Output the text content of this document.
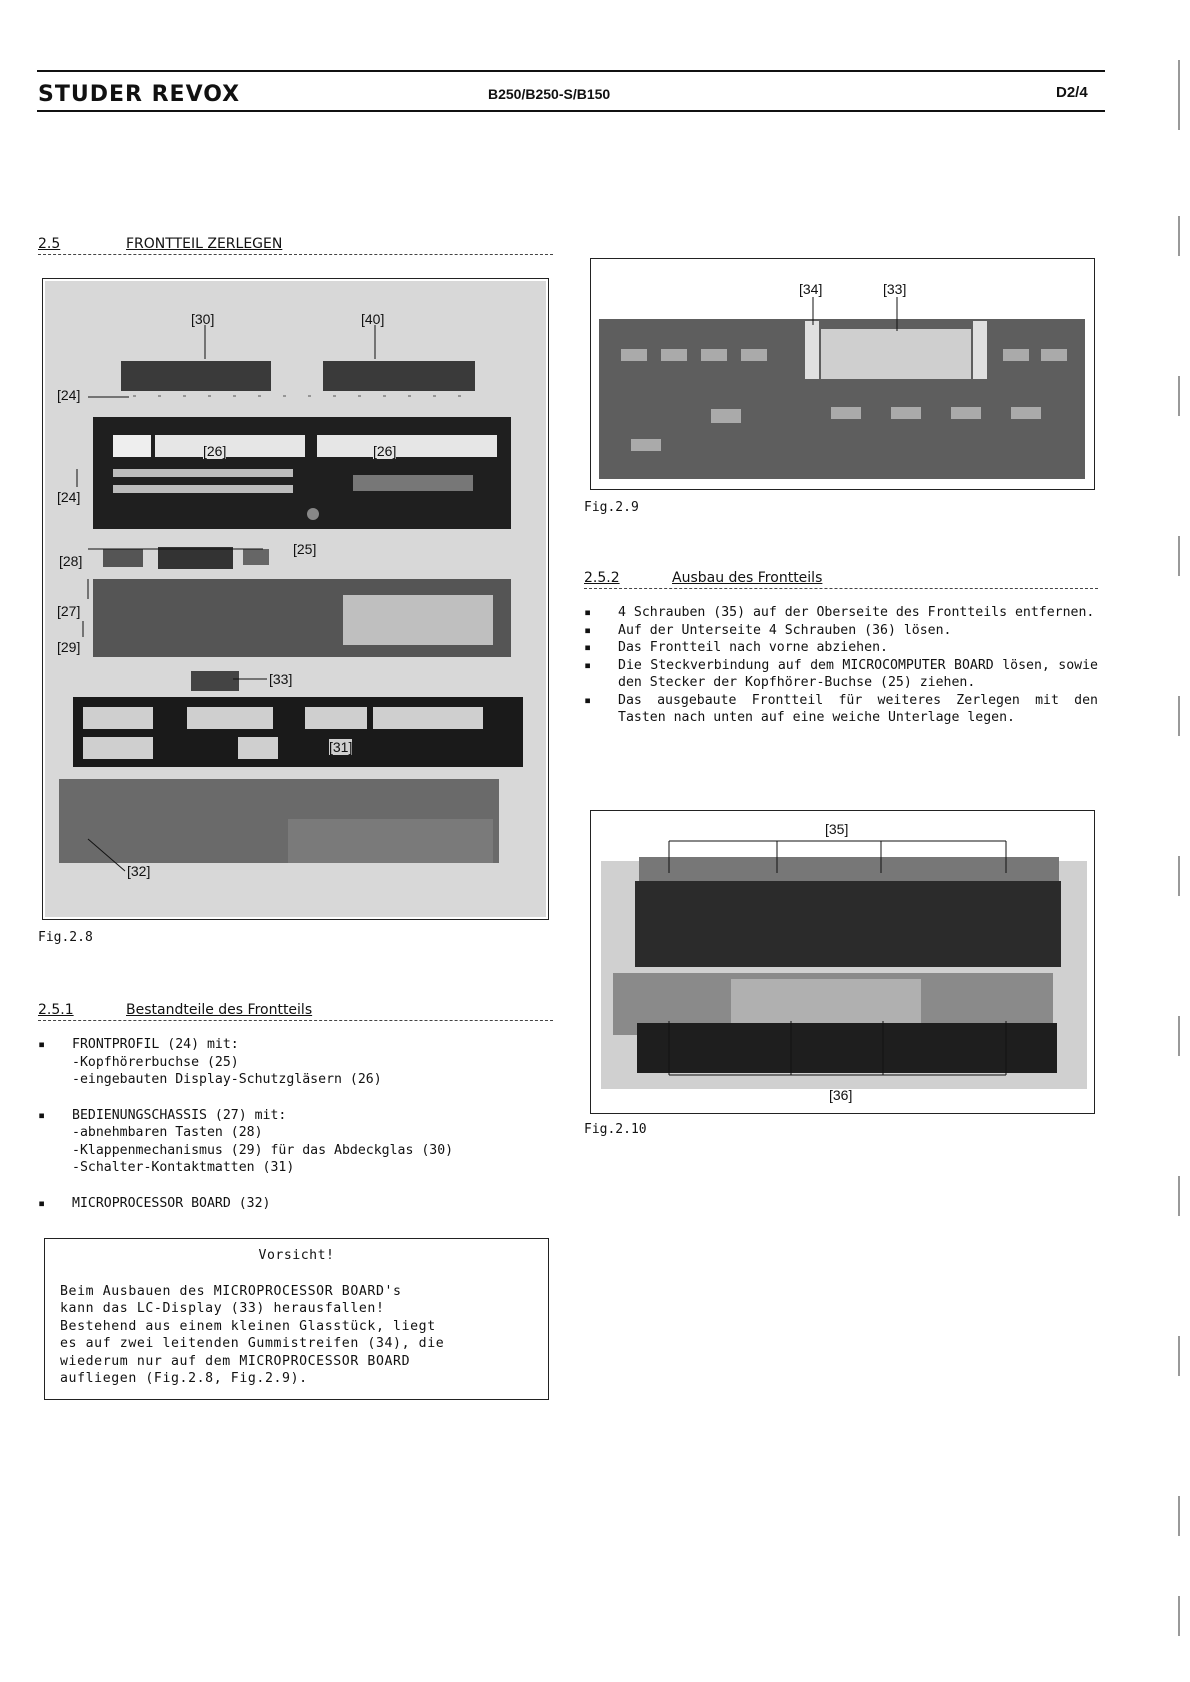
STUDER REVOX	B250/B250-S/B150	D2/4
2.5	FRONTTEIL ZERLEGEN
[30]	[40]
[24]
[26]	[26]
[24]
[25]
[28]
[27]
[29]
[33]
[31]
[32]
Fig.2.8
2.5.1	Bestandteile des Frontteils
▪ FRONTPROFIL (24) mit:
-Kopfhörerbuchse (25)
-eingebauten Display-Schutzgläsern (26)
▪ BEDIENUNGSCHASSIS (27) mit:
-abnehmbaren Tasten (28)
-Klappenmechanismus (29) für das Abdeckglas (30)
-Schalter-Kontaktmatten (31)
▪ MICROPROCESSOR BOARD (32)
Vorsicht!
Beim Ausbauen des MICROPROCESSOR BOARD's
kann das LC-Display (33) herausfallen!
Bestehend aus einem kleinen Glasstück, liegt
es auf zwei leitenden Gummistreifen (34), die
wiederum nur auf dem MICROPROCESSOR BOARD
aufliegen (Fig.2.8, Fig.2.9).
[34]	[33]
Fig.2.9
2.5.2	Ausbau des Frontteils
▪ 4 Schrauben (35) auf der Oberseite des Frontteils entfernen.
▪ Auf der Unterseite 4 Schrauben (36) lösen.
▪ Das Frontteil nach vorne abziehen.
▪ Die Steckverbindung auf dem MICROCOMPUTER BOARD lösen, sowie den Stecker der Kopfhörer-Buchse (25) ziehen.
▪ Das ausgebaute Frontteil für weiteres Zerlegen mit den Tasten nach unten auf eine weiche Unterlage legen.
[35]
[36]
Fig.2.10
